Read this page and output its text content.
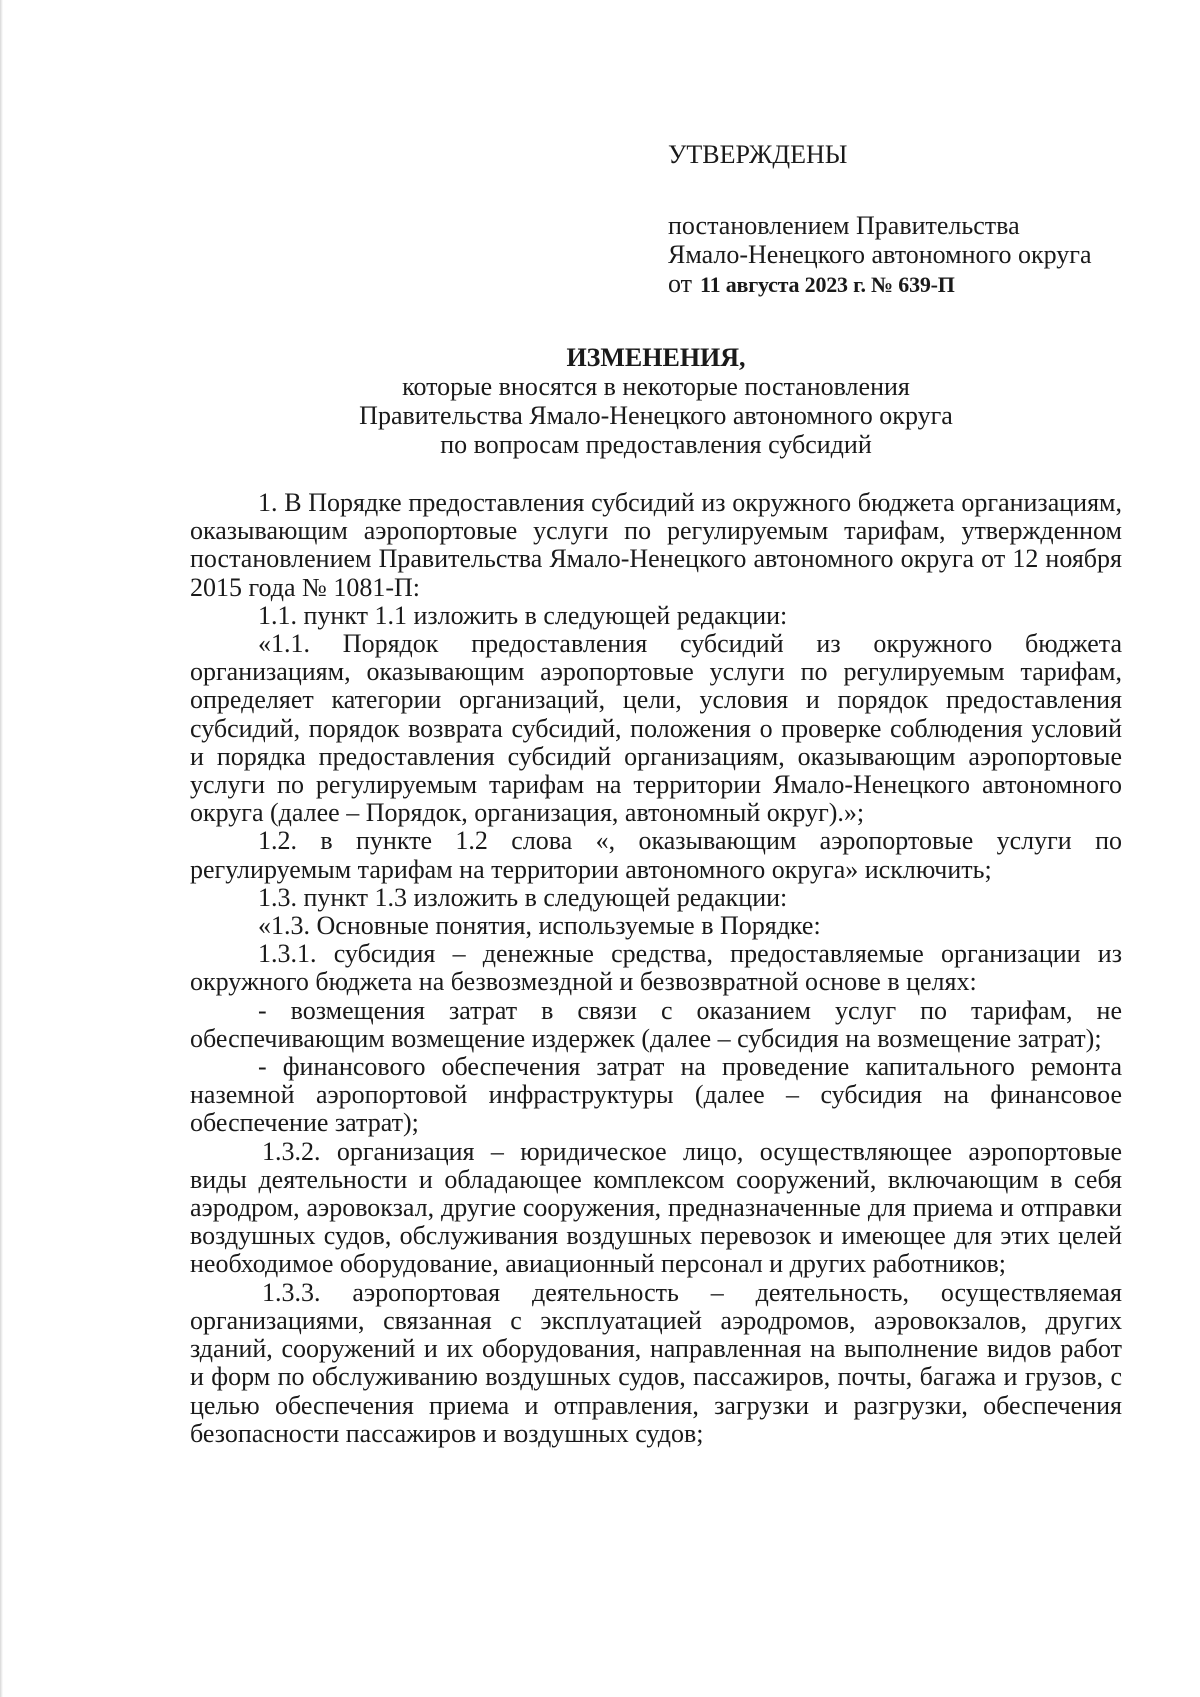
УТВЕРЖДЕНЫ
постановлением Правительства
Ямало-Ненецкого автономного округа
от 11 августа 2023 г. № 639-П
ИЗМЕНЕНИЯ,
которые вносятся в некоторые постановления
Правительства Ямало-Ненецкого автономного округа
по вопросам предоставления субсидий

1. В Порядке предоставления субсидий из окружного бюджета организациям, оказывающим аэропортовые услуги по регулируемым тарифам, утвержденном постановлением Правительства Ямало-Ненецкого автономного округа от 12 ноября 2015 года № 1081-П:

1.1. пункт 1.1 изложить в следующей редакции:

«1.1. Порядок предоставления субсидий из окружного бюджета организациям, оказывающим аэропортовые услуги по регулируемым тарифам, определяет категории организаций, цели, условия и порядок предоставления субсидий, порядок возврата субсидий, положения о проверке соблюдения условий и порядка предоставления субсидий организациям, оказывающим аэропортовые услуги по регулируемым тарифам на территории Ямало-Ненецкого автономного округа (далее – Порядок, организация, автономный округ).»;

1.2. в пункте 1.2 слова «, оказывающим аэропортовые услуги по регулируемым тарифам на территории автономного округа» исключить;

1.3. пункт 1.3 изложить в следующей редакции:

«1.3. Основные понятия, используемые в Порядке:

1.3.1. субсидия – денежные средства, предоставляемые организации из окружного бюджета на безвозмездной и безвозвратной основе в целях:

- возмещения затрат в связи с оказанием услуг по тарифам, не обеспечивающим возмещение издержек (далее – субсидия на возмещение затрат);

- финансового обеспечения затрат на проведение капитального ремонта наземной аэропортовой инфраструктуры (далее – субсидия на финансовое обеспечение затрат);

1.3.2. организация – юридическое лицо, осуществляющее аэропортовые виды деятельности и обладающее комплексом сооружений, включающим в себя аэродром, аэровокзал, другие сооружения, предназначенные для приема и отправки воздушных судов, обслуживания воздушных перевозок и имеющее для этих целей необходимое оборудование, авиационный персонал и других работников;

1.3.3. аэропортовая деятельность – деятельность, осуществляемая организациями, связанная с эксплуатацией аэродромов, аэровокзалов, других зданий, сооружений и их оборудования, направленная на выполнение видов работ и форм по обслуживанию воздушных судов, пассажиров, почты, багажа и грузов, с целью обеспечения приема и отправления, загрузки и разгрузки, обеспечения безопасности пассажиров и воздушных судов;
